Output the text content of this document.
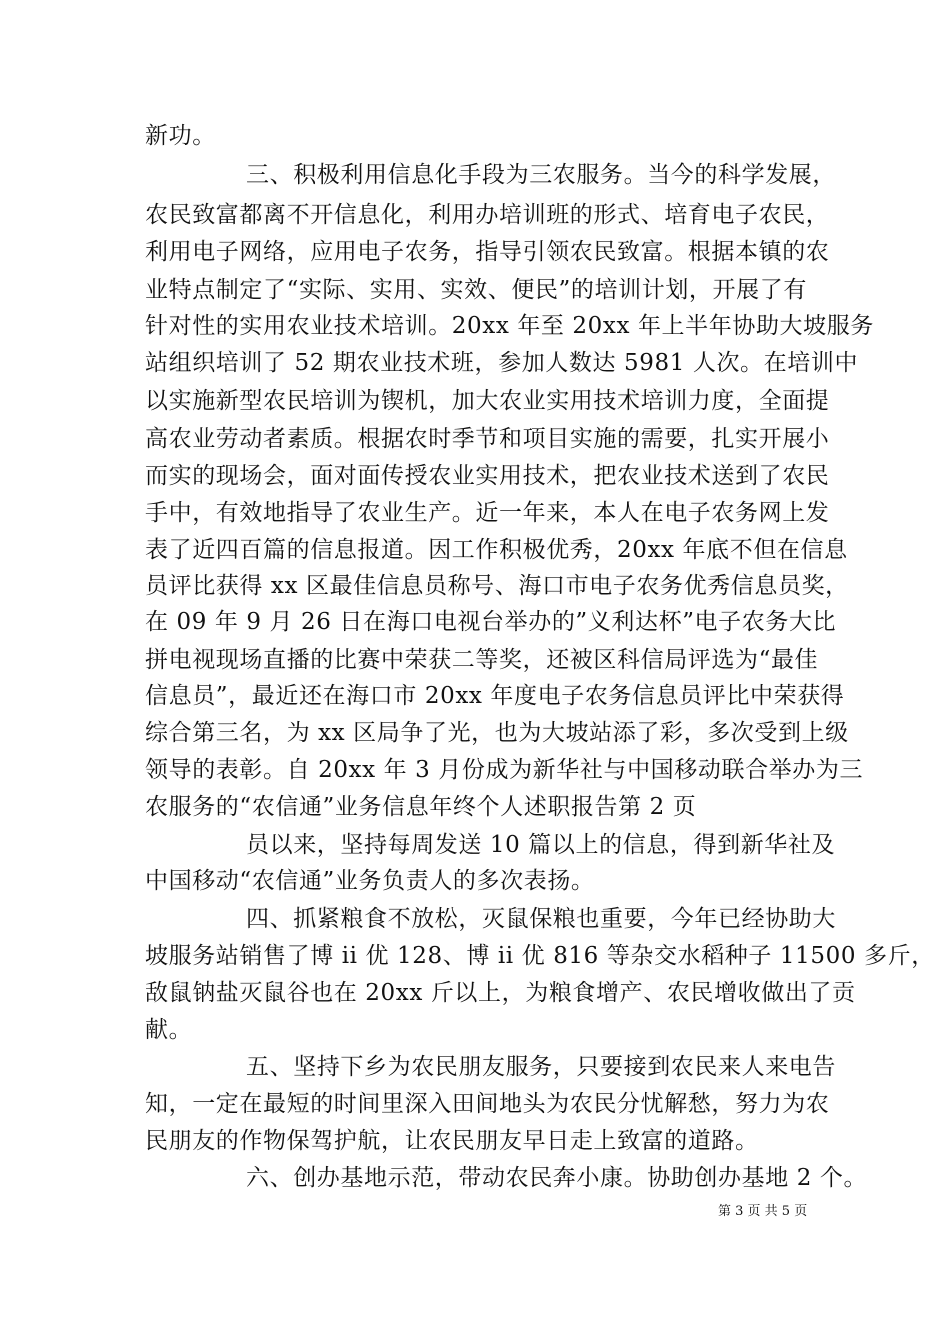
新功。
三、积极利用信息化手段为三农服务。当今的科学发展，
农民致富都离不开信息化，利用办培训班的形式、培育电子农民，
利用电子网络，应用电子农务，指导引领农民致富。根据本镇的农
业特点制定了“实际、实用、实效、便民”的培训计划，开展了有
针对性的实用农业技术培训。20xx 年至 20xx 年上半年协助大坡服务
站组织培训了 52 期农业技术班，参加人数达 5981 人次。在培训中
以实施新型农民培训为锲机，加大农业实用技术培训力度，全面提
高农业劳动者素质。根据农时季节和项目实施的需要，扎实开展小
而实的现场会，面对面传授农业实用技术，把农业技术送到了农民
手中，有效地指导了农业生产。近一年来，本人在电子农务网上发
表了近四百篇的信息报道。因工作积极优秀，20xx 年底不但在信息
员评比获得 xx 区最佳信息员称号、海口市电子农务优秀信息员奖，
在 09 年 9 月 26 日在海口电视台举办的”义利达杯”电子农务大比
拼电视现场直播的比赛中荣获二等奖，还被区科信局评选为“最佳
信息员”，最近还在海口市 20xx 年度电子农务信息员评比中荣获得
综合第三名，为 xx 区局争了光，也为大坡站添了彩，多次受到上级
领导的表彰。自 20xx 年 3 月份成为新华社与中国移动联合举办为三
农服务的“农信通”业务信息年终个人述职报告第 2 页
员以来，坚持每周发送 10 篇以上的信息，得到新华社及
中国移动“农信通”业务负责人的多次表扬。
四、抓紧粮食不放松，灭鼠保粮也重要，今年已经协助大
坡服务站销售了博 ii 优 128、博 ii 优 816 等杂交水稻种子 11500 多斤，
敌鼠钠盐灭鼠谷也在 20xx 斤以上，为粮食增产、农民增收做出了贡
献。
五、坚持下乡为农民朋友服务，只要接到农民来人来电告
知，一定在最短的时间里深入田间地头为农民分忧解愁，努力为农
民朋友的作物保驾护航，让农民朋友早日走上致富的道路。
六、创办基地示范，带动农民奔小康。协助创办基地 2 个。
第 3 页 共 5 页
